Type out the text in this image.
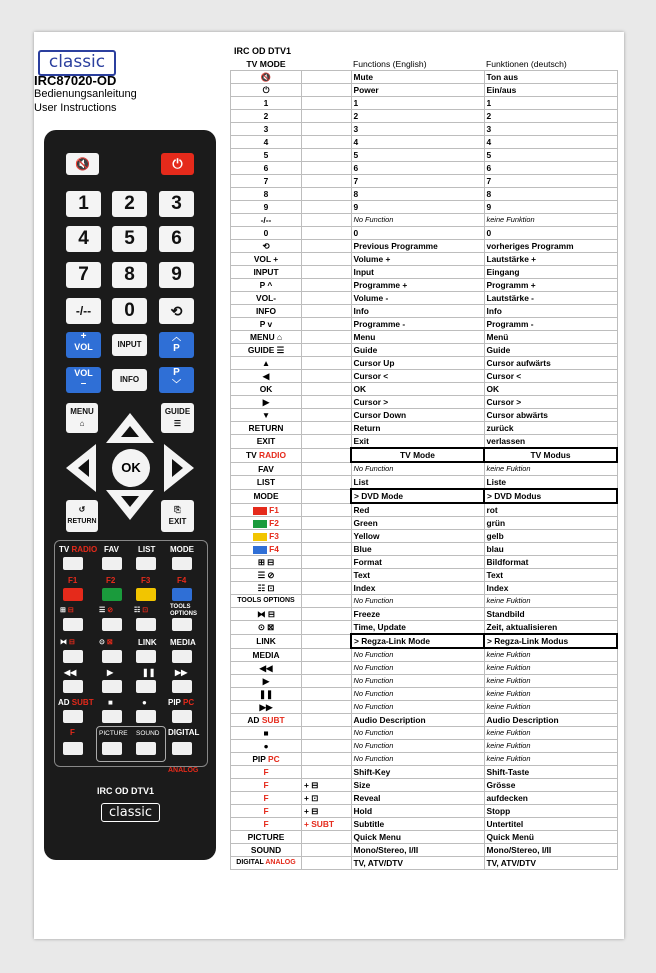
classic
IRC87020-OD
Bedienungsanleitung
User Instructions
🔇	⏻
1	2	3
4	5	6
7	8	9
-/--	0	⟲
+
VOL	INPUT
︿
P
VOL
–	INFO
P
﹀
MENU
⌂
GUIDE
☰
OK
↺
RETURN
⎘
EXIT
TV RADIO FAV LIST MODE
F1	F2	F3	F4
⊞ ⊟	☰ ⊘	☷ ⊡	TOOLS OPTIONS
⧓ ⊟	⊙ ⊠	LINK MEDIA
◀◀	▶	❚❚ ▶▶
AD SUBT ■	●	PIP PC
F	PICTURE SOUND DIGITAL
ANALOG
IRC OD DTV1
classic
IRC OD DTV1
TV MODE		Functions (English)	Funktionen (deutsch)
🔇		Mute	Ton aus
⏻		Power	Ein/aus
1		1	1
2		2	2
3		3	3
4		4	4
5		5	5
6		6	6
7		7	7
8		8	8
9		9	9
-/--		No Function	keine Funktion
0		0	0
⟲		Previous Programme	vorheriges Programm
VOL +		Volume +	Lautstärke +
INPUT		Input	Eingang
P ^		Programme +	Programm +
VOL-		Volume -	Lautstärke -
INFO		Info	Info
P v		Programme -	Programm -
MENU ⌂		Menu	Menü
GUIDE ☰		Guide	Guide
▲		Cursor Up	Cursor aufwärts
◀		Cursor <	Cursor <
OK		OK	OK
▶		Cursor >	Cursor >
▼		Cursor Down	Cursor abwärts
RETURN		Return	zurück
EXIT		Exit	verlassen
TV RADIO		TV Mode	TV Modus
FAV		No Function	keine Fuktion
LIST		List	Liste
MODE		> DVD Mode	> DVD Modus
F1		Red	rot
F2		Green	grün
F3		Yellow	gelb
F4		Blue	blau
⊞ ⊟		Format	Bildformat
☰ ⊘		Text	Text
☷ ⊡		Index	Index
TOOLS OPTIONS		No Function	keine Fuktion
⧓ ⊟		Freeze	Standbild
⊙ ⊠		Time, Update	Zeit, aktualisieren
LINK		> Regza-Link Mode	> Regza-Link Modus
MEDIA		No Function	keine Fuktion
◀◀		No Function	keine Fuktion
▶		No Function	keine Fuktion
❚❚		No Function	keine Fuktion
▶▶		No Function	keine Fuktion
AD SUBT		Audio Description	Audio Description
■		No Function	keine Fuktion
●		No Function	keine Fuktion
PIP PC		No Function	keine Fuktion
F		Shift-Key	Shift-Taste
F	+ ⊟	Size	Grösse
F	+ ⊡	Reveal	aufdecken
F	+ ⊟	Hold	Stopp
F	+ SUBT	Subtitle	Untertitel
PICTURE		Quick Menu	Quick Menü
SOUND		Mono/Stereo, I/II	Mono/Stereo, I/II
DIGITAL ANALOG		TV, ATV/DTV	TV, ATV/DTV
